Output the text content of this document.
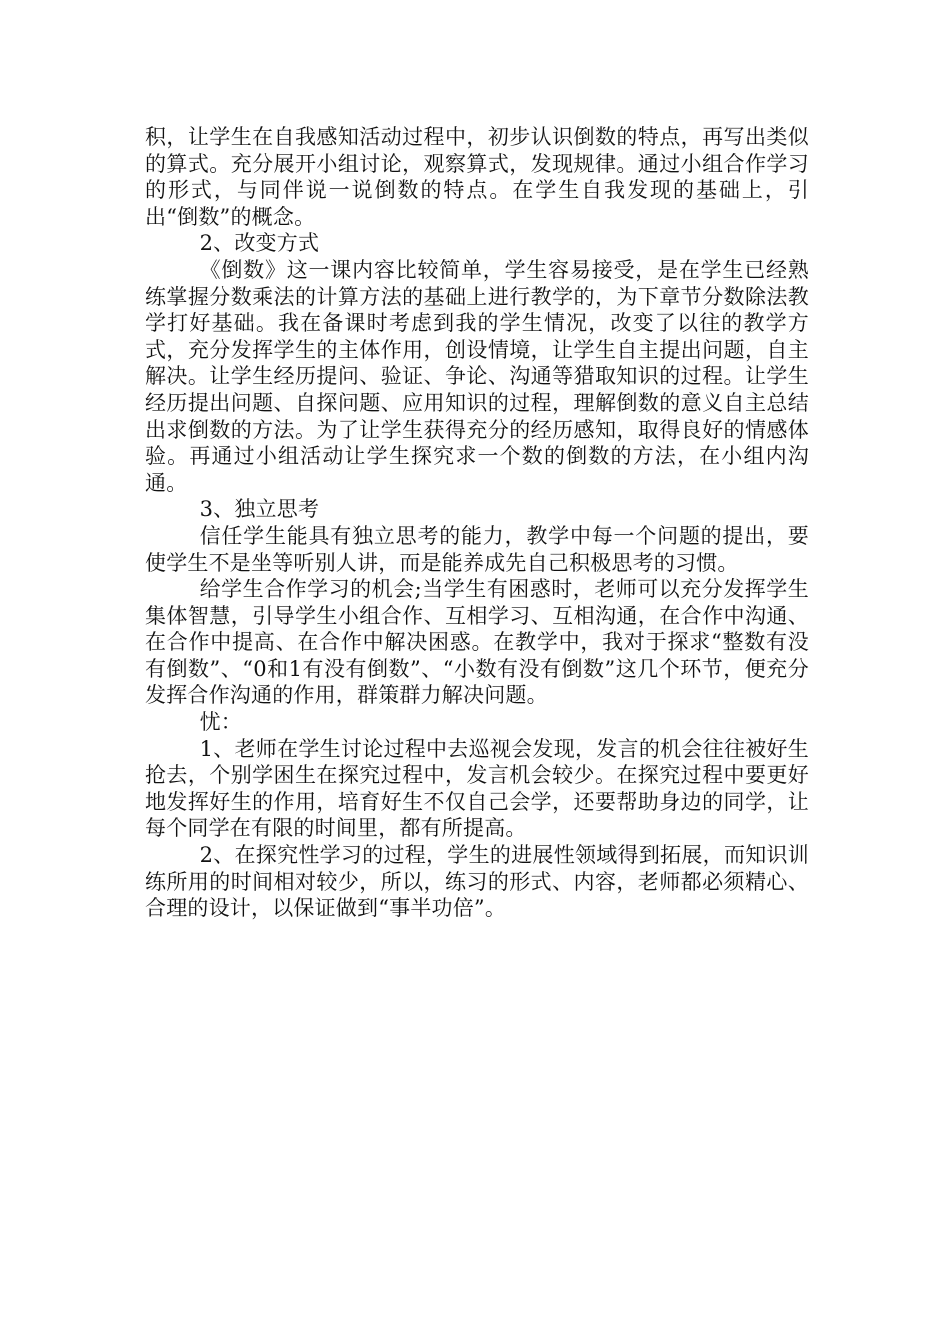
积，让学生在自我感知活动过程中，初步认识倒数的特点，再写出类似的算式。充分展开小组讨论，观察算式，发现规律。通过小组合作学习的形式，与同伴说一说倒数的特点。在学生自我发现的基础上，引出“倒数”的概念。

2、改变方式

《倒数》这一课内容比较简单，学生容易接受，是在学生已经熟练掌握分数乘法的计算方法的基础上进行教学的，为下章节分数除法教学打好基础。我在备课时考虑到我的学生情况，改变了以往的教学方式，充分发挥学生的主体作用，创设情境，让学生自主提出问题，自主解决。让学生经历提问、验证、争论、沟通等猎取知识的过程。让学生经历提出问题、自探问题、应用知识的过程，理解倒数的意义自主总结出求倒数的方法。为了让学生获得充分的经历感知，取得良好的情感体验。再通过小组活动让学生探究求一个数的倒数的方法，在小组内沟通。

3、独立思考

信任学生能具有独立思考的能力，教学中每一个问题的提出，要使学生不是坐等听别人讲，而是能养成先自己积极思考的习惯。

给学生合作学习的机会;当学生有困惑时，老师可以充分发挥学生集体智慧，引导学生小组合作、互相学习、互相沟通，在合作中沟通、在合作中提高、在合作中解决困惑。在教学中，我对于探求“整数有没有倒数”、“0和1有没有倒数”、“小数有没有倒数”这几个环节，便充分发挥合作沟通的作用，群策群力解决问题。

忧：

1、老师在学生讨论过程中去巡视会发现，发言的机会往往被好生抢去，个别学困生在探究过程中，发言机会较少。在探究过程中要更好地发挥好生的作用，培育好生不仅自己会学，还要帮助身边的同学，让每个同学在有限的时间里，都有所提高。

2、在探究性学习的过程，学生的进展性领域得到拓展，而知识训练所用的时间相对较少，所以，练习的形式、内容，老师都必须精心、合理的设计，以保证做到“事半功倍”。
